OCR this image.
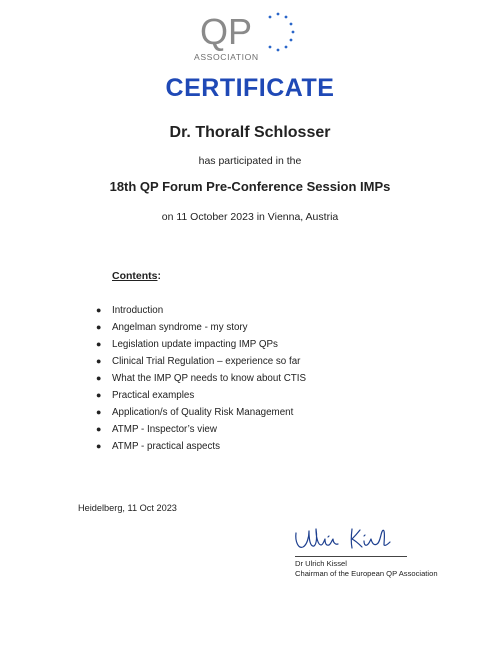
QP
ASSOCIATION
CERTIFICATE
Dr. Thoralf Schlosser
has participated in the
18th QP Forum Pre-Conference Session IMPs
on 11 October 2023 in Vienna, Austria
Contents:
● Introduction
● Angelman syndrome - my story
● Legislation update impacting IMP QPs
● Clinical Trial Regulation – experience so far
● What the IMP QP needs to know about CTIS
● Practical examples
● Application/s of Quality Risk Management
● ATMP - Inspector’s view
● ATMP - practical aspects
Heidelberg, 11 Oct 2023
Dr Ulrich Kissel
Chairman of the European QP Association
